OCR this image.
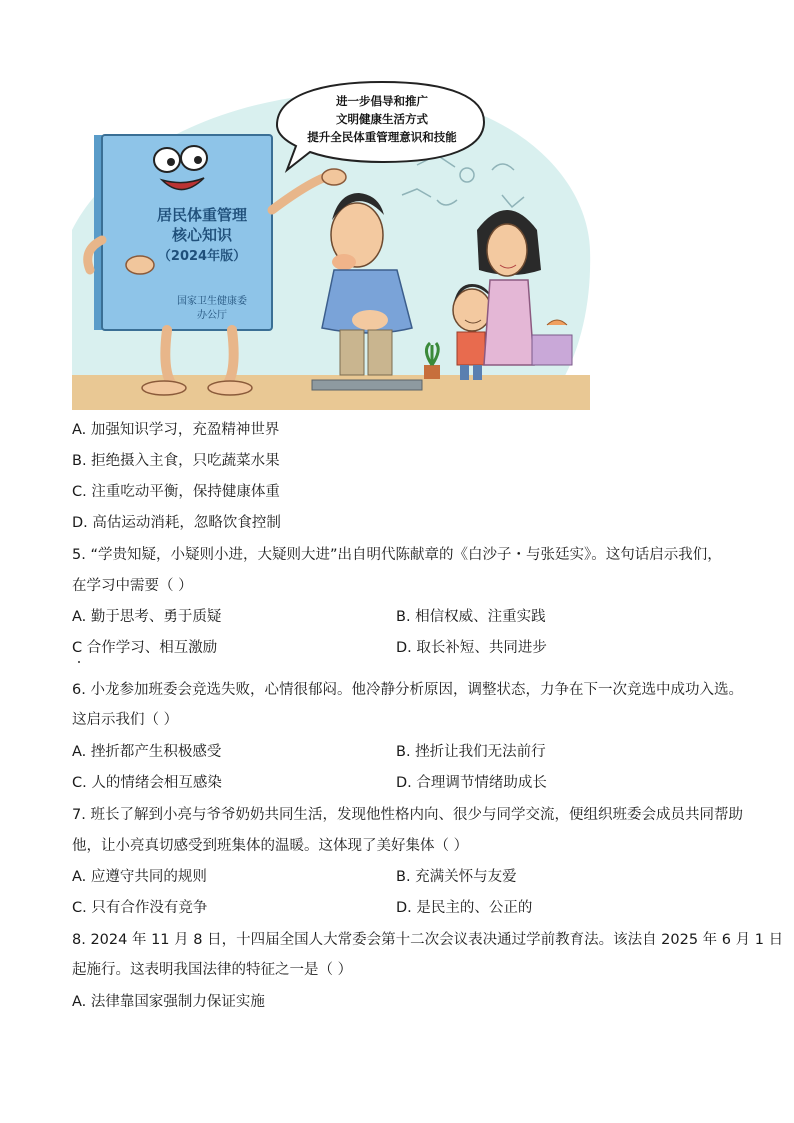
居民体重管理
核心知识
（2024年版）
国家卫生健康委
办公厅
进一步倡导和推广
文明健康生活方式
提升全民体重管理意识和技能
A. 加强知识学习，充盈精神世界
B. 拒绝摄入主食，只吃蔬菜水果
C. 注重吃动平衡，保持健康体重
D. 高估运动消耗，忽略饮食控制
5. “学贵知疑，小疑则小进，大疑则大进”出自明代陈献章的《白沙子・与张廷实》。这句话启示我们，
在学习中需要（ ）
A. 勤于思考、勇于质疑	B. 相信权威、注重实践
C 合作学习、相互激励	D. 取长补短、共同进步
6. 小龙参加班委会竞选失败，心情很郁闷。他冷静分析原因，调整状态，力争在下一次竞选中成功入选。
这启示我们（ ）
A. 挫折都产生积极感受	B. 挫折让我们无法前行
C. 人的情绪会相互感染	D. 合理调节情绪助成长
7. 班长了解到小亮与爷爷奶奶共同生活，发现他性格内向、很少与同学交流，便组织班委会成员共同帮助
他，让小亮真切感受到班集体的温暖。这体现了美好集体（ ）
A. 应遵守共同的规则	B. 充满关怀与友爱
C. 只有合作没有竞争	D. 是民主的、公正的
8. 2024 年 11 月 8 日，十四届全国人大常委会第十二次会议表决通过学前教育法。该法自 2025 年 6 月 1 日
起施行。这表明我国法律的特征之一是（ ）
A. 法律靠国家强制力保证实施
